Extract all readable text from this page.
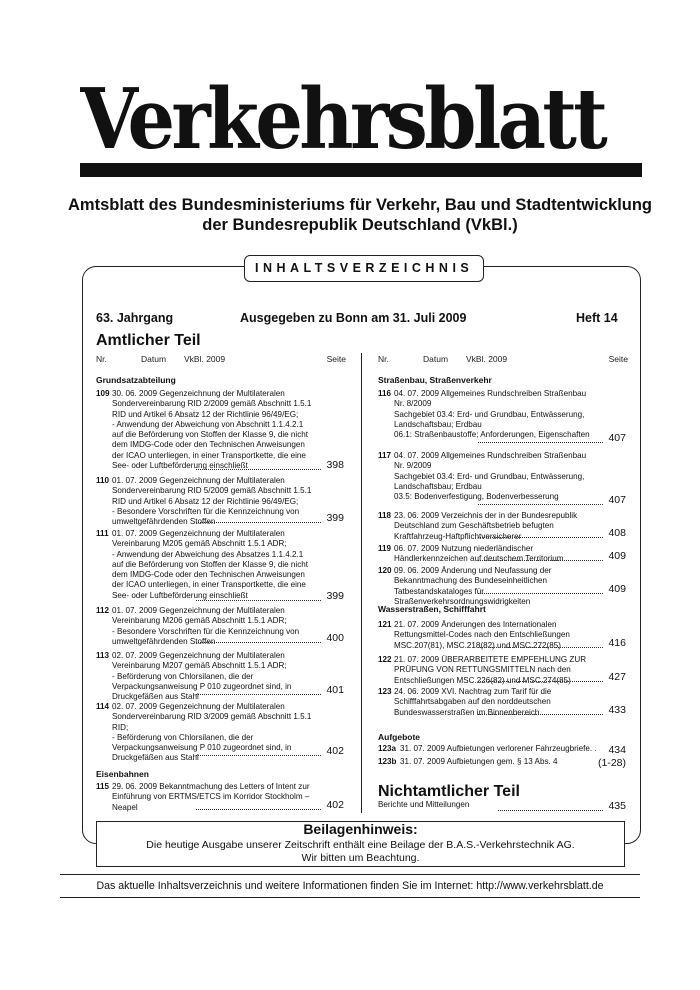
Verkehrsblatt
Amtsblatt des Bundesministeriums für Verkehr, Bau und Stadtentwicklung
der Bundesrepublik Deutschland (VkBl.)
INHALTSVERZEICHNIS
63. Jahrgang	Ausgegeben zu Bonn am 31. Juli 2009	Heft 14
Amtlicher Teil
Nr.	Datum VkBl. 2009	Seite	Nr.	Datum VkBl. 2009	Seite
Grundsatzabteilung
Eisenbahnen
Straßenbau, Straßenverkehr
Wasserstraßen, Schifffahrt
Aufgebote
109 30. 06. 2009 Gegenzeichnung der Multilateralen Sondervereinbarung RID 2/2009 gemäß Abschnitt 1.5.1 RID und Artikel 6 Absatz 12 der Richtlinie 96/49/EG;
- Anwendung der Abweichung von Abschnitt 1.1.4.2.1 auf die Beförderung von Stoffen der Klasse 9, die nicht dem IMDG-Code oder den Technischen Anweisungen der ICAO unterliegen, in einer Transportkette, die eine See- oder Luftbeförderung einschließt	398
110 01. 07. 2009 Gegenzeichnung der Multilateralen Sondervereinbarung RID 5/2009 gemäß Abschnitt 1.5.1 RID und Artikel 6 Absatz 12 der Richtlinie 96/49/EG;
- Besondere Vorschriften für die Kennzeichnung von umweltgefährdenden Stoffen	399
111 01. 07. 2009 Gegenzeichnung der Multilateralen Vereinbarung M205 gemäß Abschnitt 1.5.1 ADR;
- Anwendung der Abweichung des Absatzes 1.1.4.2.1 auf die Beförderung von Stoffen der Klasse 9, die nicht dem IMDG-Code oder den Technischen Anweisungen der ICAO unterliegen, in einer Transportkette, die eine See- oder Luftbeförderung einschließt	399
112 01. 07. 2009 Gegenzeichnung der Multilateralen Vereinbarung M206 gemäß Abschnitt 1.5.1 ADR;
- Besondere Vorschriften für die Kennzeichnung von umweltgefährdenden Stoffen	400
113 02. 07. 2009 Gegenzeichnung der Multilateralen Vereinbarung M207 gemäß Abschnitt 1.5.1 ADR;
- Beförderung von Chlorsilanen, die der Verpackungsanweisung P 010 zugeordnet sind, in Druckgefäßen aus Stahl
401
114 02. 07. 2009 Gegenzeichnung der Multilateralen Sondervereinbarung RID 3/2009 gemäß Abschnitt 1.5.1 RID;
- Beförderung von Chlorsilanen, die der Verpackungsanweisung P 010 zugeordnet sind, in Druckgefäßen aus Stahl
402
115 29. 06. 2009 Bekanntmachung des Letters of Intent zur Einführung von ERTMS/ETCS im Korridor Stockholm – Neapel	402
116 04. 07. 2009 Allgemeines Rundschreiben Straßenbau Nr. 8/2009
Sachgebiet 03.4: Erd- und Grundbau, Entwässerung, Landschaftsbau; Erdbau
06.1: Straßenbaustoffe; Anforderungen, Eigenschaften	407
117 04. 07. 2009 Allgemeines Rundschreiben Straßenbau Nr. 9/2009
Sachgebiet 03.4: Erd- und Grundbau, Entwässerung, Landschaftsbau; Erdbau
03.5: Bodenverfestigung, Bodenverbesserung	407
118 23. 06. 2009 Verzeichnis der in der Bundesrepublik Deutschland zum Geschäftsbetrieb befugten Kraftfahrzeug-Haftpflichtversicherer	408
119 06. 07. 2009 Nutzung niederländischer Händlerkennzeichen auf deutschem Territorium	409
120 09. 06. 2009 Änderung und Neufassung der Bekanntmachung des Bundeseinheitlichen Tatbestandskataloges für Straßenverkehrsordnungswidrigkeiten
409
121 21. 07. 2009 Änderungen des Internationalen Rettungsmittel-Codes nach den Entschließungen MSC.207(81), MSC.218(82) und MSC.272(85)	416
122 21. 07. 2009 ÜBERARBEITETE EMPFEHLUNG ZUR PRÜFUNG VON RETTUNGSMITTELN nach den Entschließungen MSC.226(82) und MSC.274(85)	427
123 24. 06. 2009 XVI. Nachtrag zum Tarif für die Schifffahrtsabgaben auf den norddeutschen Bundeswasserstraßen im Binnenbereich	433
123a 31. 07. 2009 Aufbietungen verlorener Fahrzeugbriefe. .	434
123b 31. 07. 2009 Aufbietungen gem. § 13 Abs. 4	(1-28)
Nichtamtlicher Teil
Berichte und Mitteilungen	435
Beilagenhinweis:
Die heutige Ausgabe unserer Zeitschrift enthält eine Beilage der B.A.S.-Verkehrstechnik AG.
Wir bitten um Beachtung.
Das aktuelle Inhaltsverzeichnis und weitere Informationen finden Sie im Internet: http://www.verkehrsblatt.de
